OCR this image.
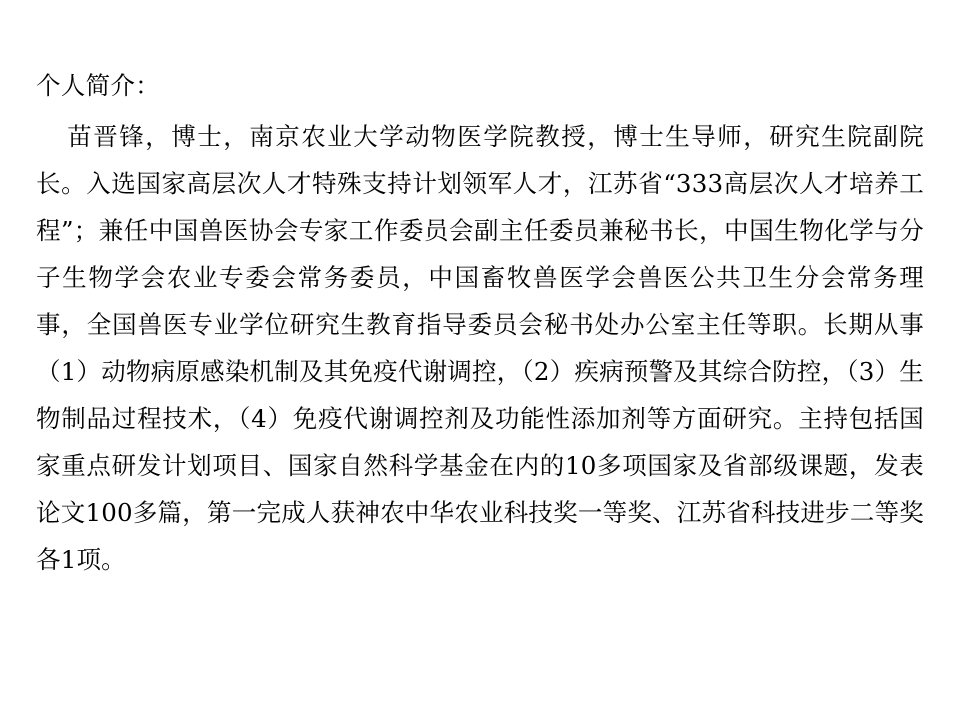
个人简介：

苗晋锋，博士，南京农业大学动物医学院教授，博士生导师，研究生院副院长。入选国家高层次人才特殊支持计划领军人才，江苏省“333高层次人才培养工程”；兼任中国兽医协会专家工作委员会副主任委员兼秘书长，中国生物化学与分子生物学会农业专委会常务委员，中国畜牧兽医学会兽医公共卫生分会常务理事，全国兽医专业学位研究生教育指导委员会秘书处办公室主任等职。长期从事（1）动物病原感染机制及其免疫代谢调控，（2）疾病预警及其综合防控，（3）生物制品过程技术，（4）免疫代谢调控剂及功能性添加剂等方面研究。主持包括国家重点研发计划项目、国家自然科学基金在内的10多项国家及省部级课题，发表论文100多篇，第一完成人获神农中华农业科技奖一等奖、江苏省科技进步二等奖各1项。
